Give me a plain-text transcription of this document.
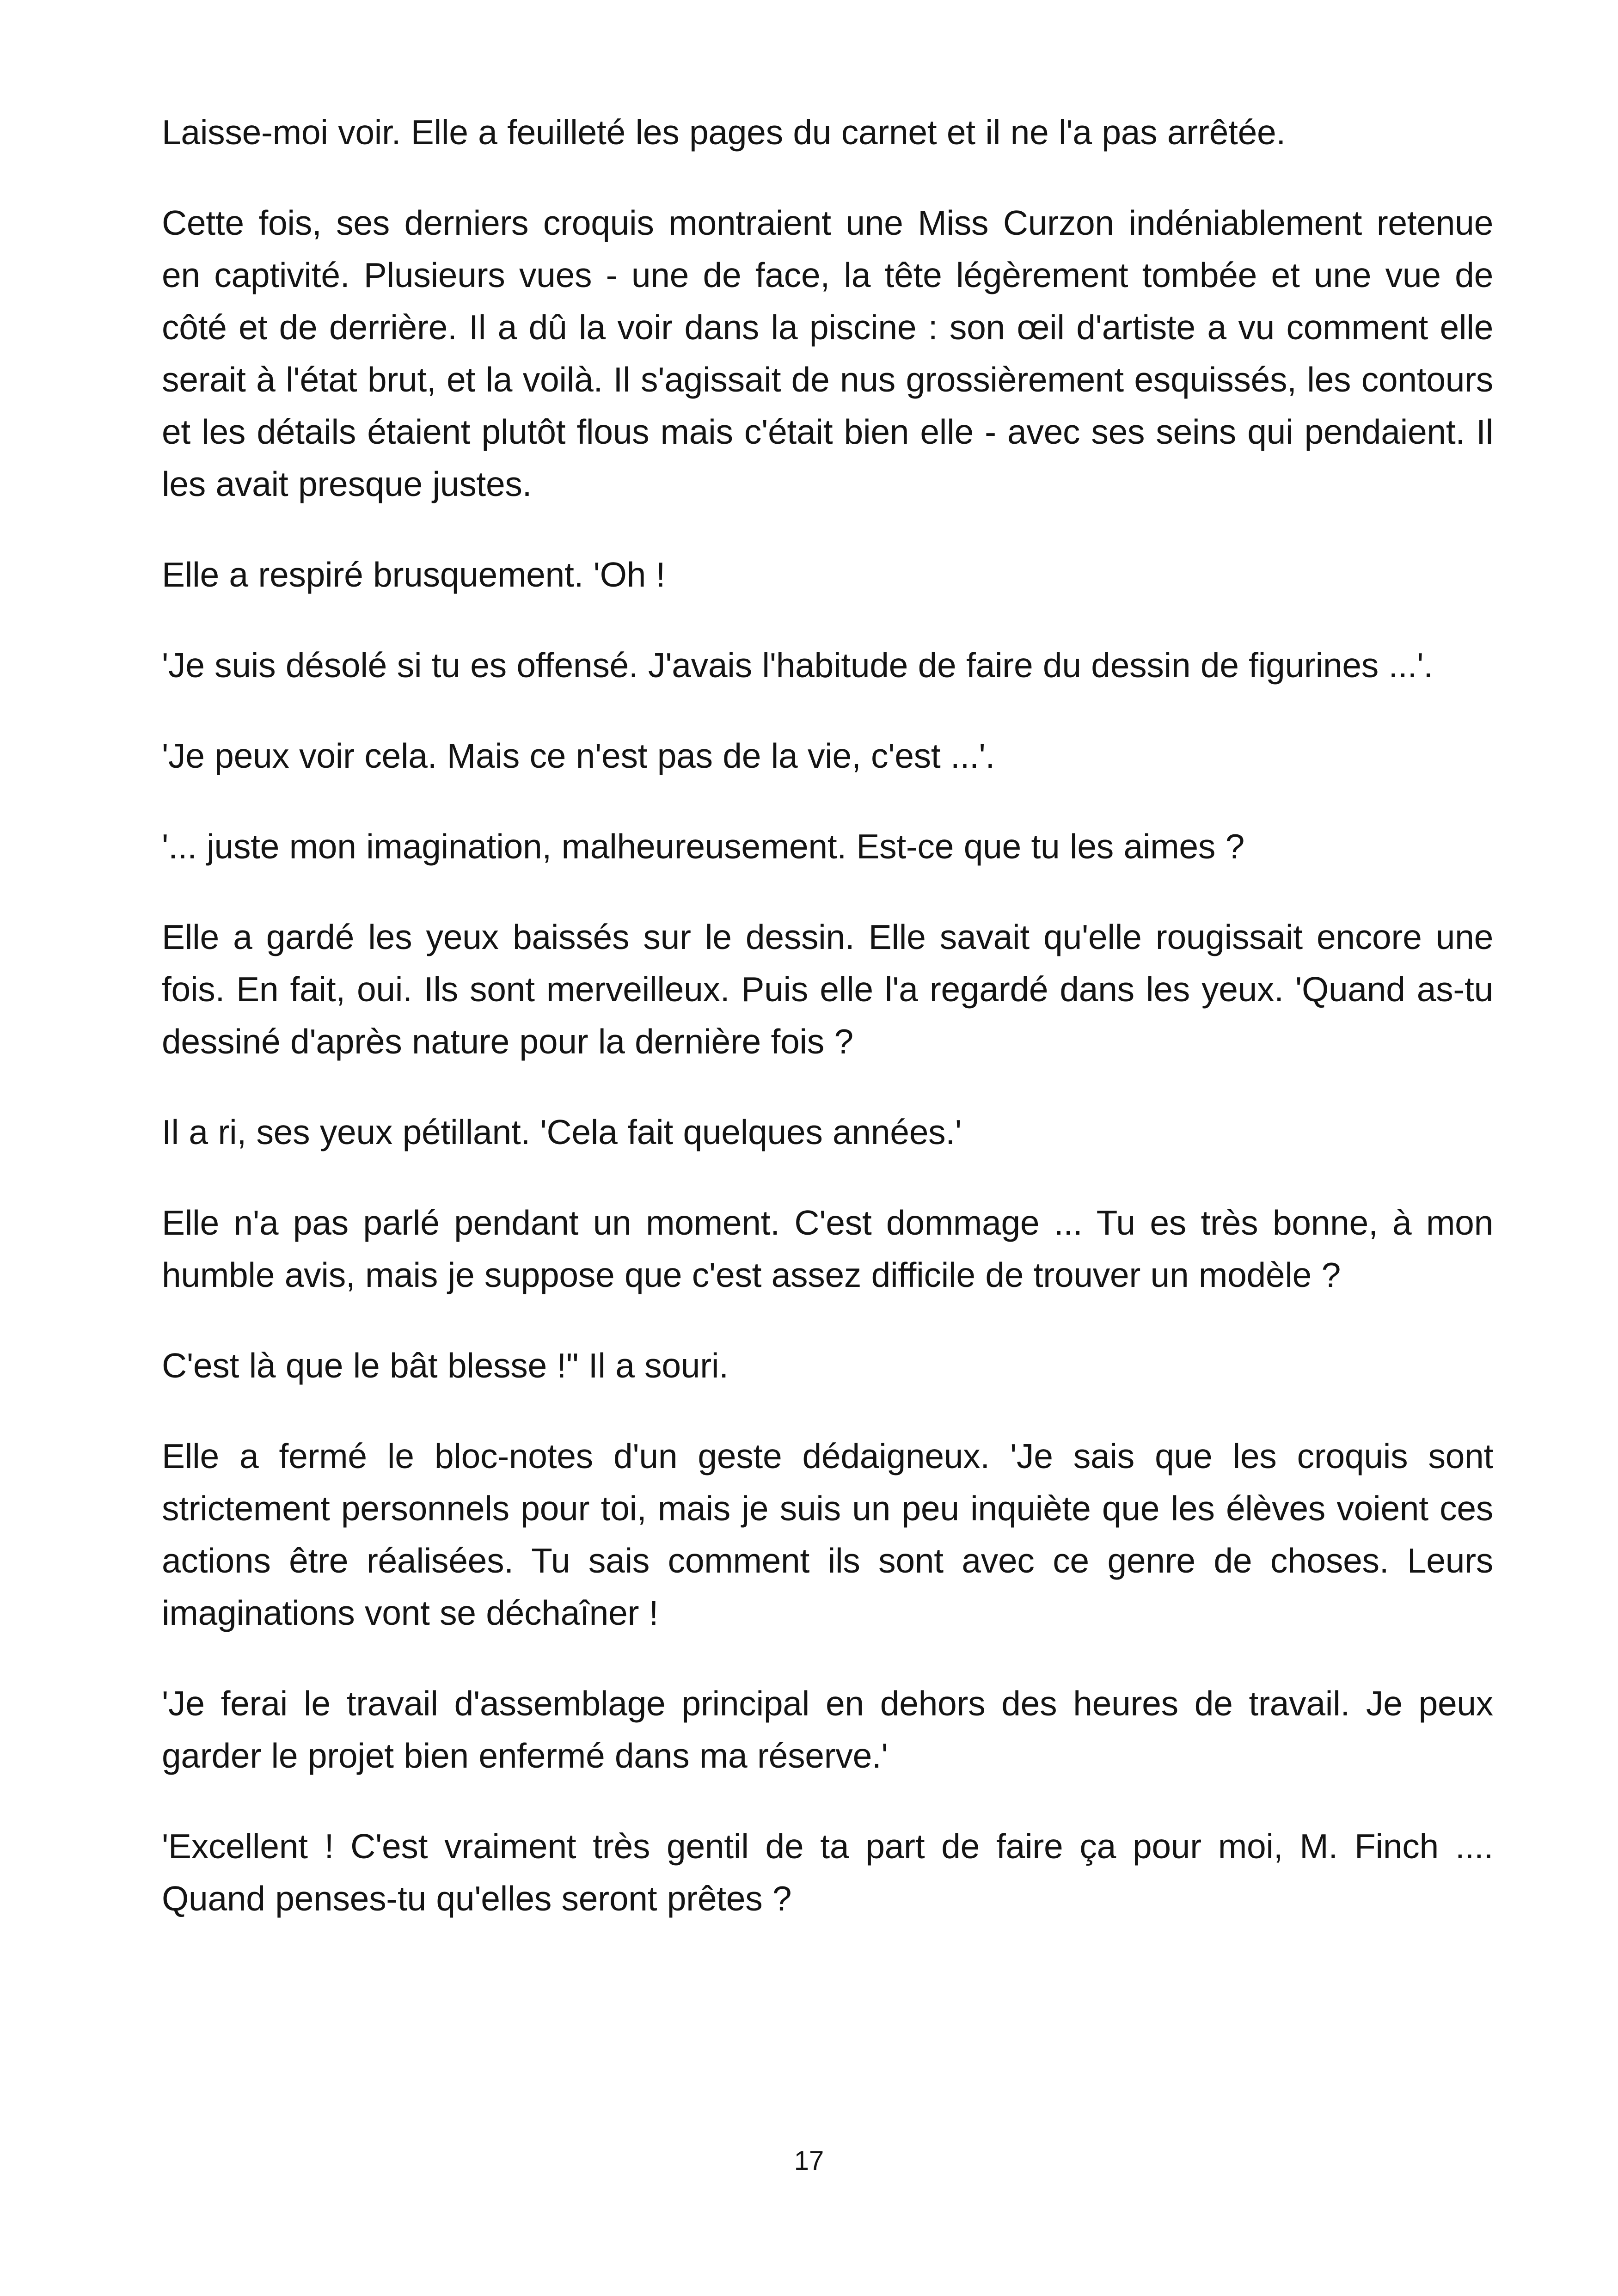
Laisse-moi voir. Elle a feuilleté les pages du carnet et il ne l'a pas arrêtée.

Cette fois, ses derniers croquis montraient une Miss Curzon indéniablement retenue en captivité. Plusieurs vues - une de face, la tête légèrement tombée et une vue de côté et de derrière. Il a dû la voir dans la piscine : son œil d'artiste a vu comment elle serait à l'état brut, et la voilà. Il s'agissait de nus grossièrement esquissés, les contours et les détails étaient plutôt flous mais c'était bien elle - avec ses seins qui pendaient. Il les avait presque justes.

Elle a respiré brusquement. 'Oh !

'Je suis désolé si tu es offensé. J'avais l'habitude de faire du dessin de figurines ...'.

'Je peux voir cela. Mais ce n'est pas de la vie, c'est ...'.

'... juste mon imagination, malheureusement. Est-ce que tu les aimes ?

Elle a gardé les yeux baissés sur le dessin. Elle savait qu'elle rougissait encore une fois. En fait, oui. Ils sont merveilleux. Puis elle l'a regardé dans les yeux. 'Quand as-tu dessiné d'après nature pour la dernière fois ?

Il a ri, ses yeux pétillant. 'Cela fait quelques années.'

Elle n'a pas parlé pendant un moment. C'est dommage ... Tu es très bonne, à mon humble avis, mais je suppose que c'est assez difficile de trouver un modèle ?

C'est là que le bât blesse !" Il a souri.

Elle a fermé le bloc-notes d'un geste dédaigneux. 'Je sais que les croquis sont strictement personnels pour toi, mais je suis un peu inquiète que les élèves voient ces actions être réalisées. Tu sais comment ils sont avec ce genre de choses. Leurs imaginations vont se déchaîner !

'Je ferai le travail d'assemblage principal en dehors des heures de travail. Je peux garder le projet bien enfermé dans ma réserve.'

'Excellent ! C'est vraiment très gentil de ta part de faire ça pour moi, M. Finch .... Quand penses-tu qu'elles seront prêtes ?

17
